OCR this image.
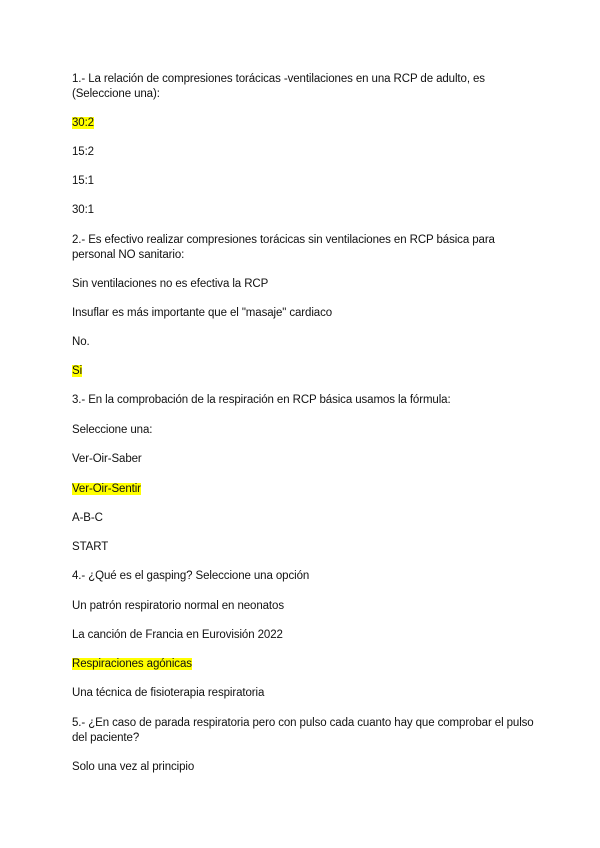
1.- La relación de compresiones torácicas -ventilaciones en una RCP de adulto, es
(Seleccione una):
30:2
15:2
15:1
30:1
2.- Es efectivo realizar compresiones torácicas sin ventilaciones en RCP básica para
personal NO sanitario:
Sin ventilaciones no es efectiva la RCP
Insuflar es más importante que el "masaje" cardiaco
No.
Si
3.- En la comprobación de la respiración en RCP básica usamos la fórmula:
Seleccione una:
Ver-Oir-Saber
Ver-Oir-Sentir
A-B-C
START
4.- ¿Qué es el gasping? Seleccione una opción
Un patrón respiratorio normal en neonatos
La canción de Francia en Eurovisión 2022
Respiraciones agónicas
Una técnica de fisioterapia respiratoria
5.- ¿En caso de parada respiratoria pero con pulso cada cuanto hay que comprobar el pulso
del paciente?
Solo una vez al principio
